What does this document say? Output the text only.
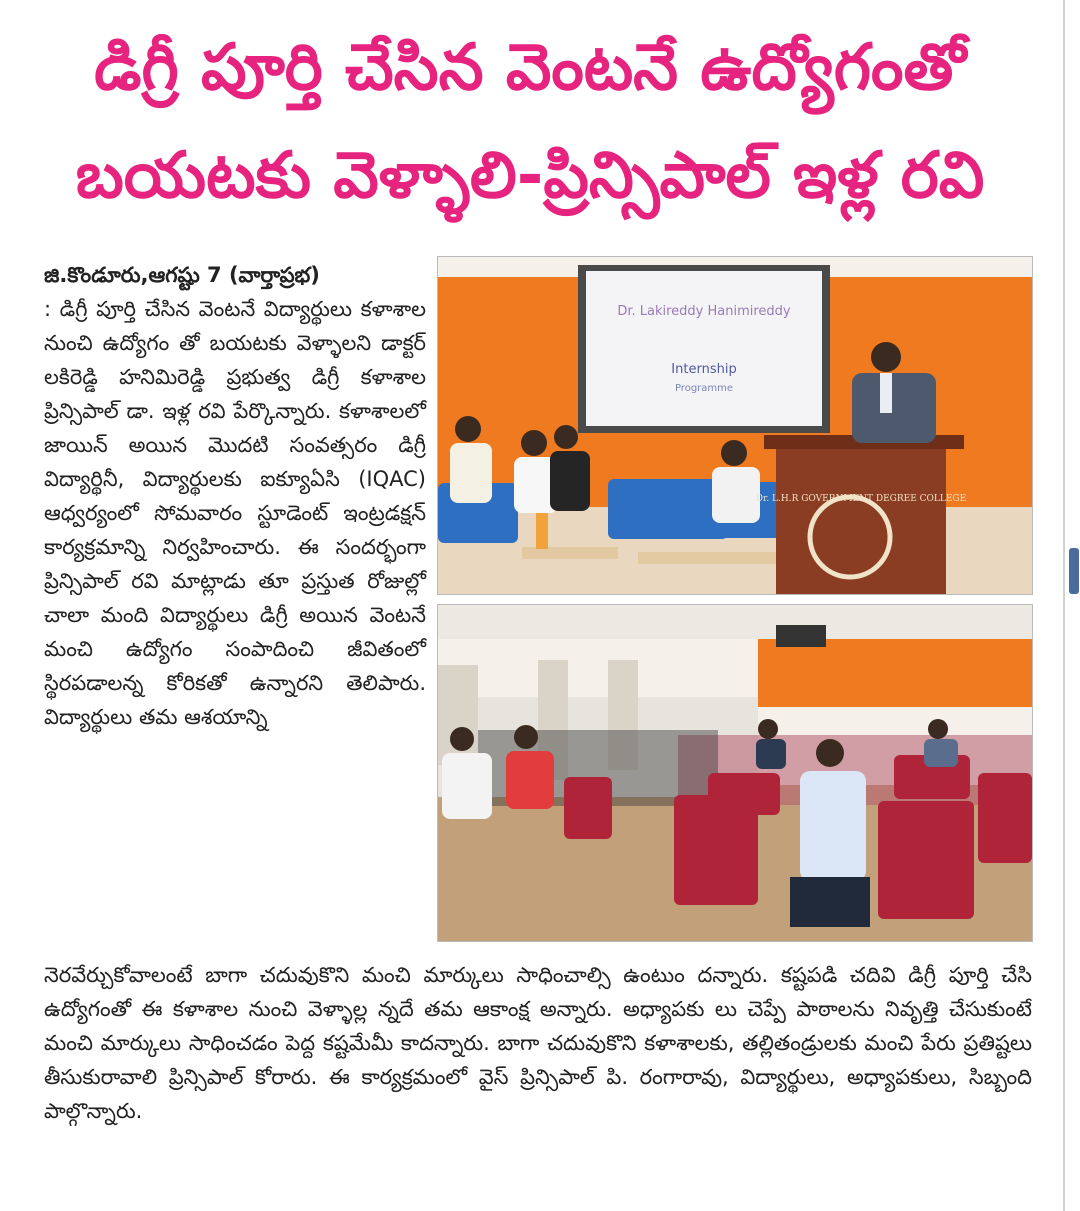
డిగ్రీ పూర్తి చేసిన వెంటనే ఉద్యోగంతో
బయటకు వెళ్ళాలి-ప్రిన్సిపాల్ ఇళ్ల రవి

జి.కొండూరు,ఆగష్టు 7 (వార్తాప్రభ)
: డిగ్రీ పూర్తి చేసిన వెంటనే విద్యార్థులు కళాశాల నుంచి ఉద్యోగం తో బయటకు వెళ్ళాలని డాక్టర్ లకిరెడ్డి హనిమిరెడ్డి ప్రభుత్వ డిగ్రీ కళాశాల ప్రిన్సిపాల్ డా. ఇళ్ల రవి పేర్కొన్నారు. కళాశాలలో జాయిన్ అయిన మొదటి సంవత్సరం డిగ్రీ విద్యార్థినీ, విద్యార్థులకు ఐక్యూఏసి (IQAC) ఆధ్వర్యంలో సోమవారం స్టూడెంట్ ఇంట్రడక్షన్ కార్యక్రమాన్ని నిర్వహించారు. ఈ సందర్భంగా ప్రిన్సిపాల్ రవి మాట్లాడు తూ ప్రస్తుత రోజుల్లో చాలా మంది విద్యార్థులు డిగ్రీ అయిన వెంటనే మంచి ఉద్యోగం సంపాదించి జీవితంలో స్థిరపడాలన్న కోరికతో ఉన్నారని తెలిపారు. విద్యార్థులు తమ ఆశయాన్ని

Dr. Lakireddy Hanimireddy
Internship
Programme
Dr. L.H.R GOVERNMENT DEGREE COLLEGE

నెరవేర్చుకోవాలంటే బాగా చదువుకొని మంచి మార్కులు సాధించాల్సి ఉంటుం దన్నారు. కష్టపడి చదివి డిగ్రీ పూర్తి చేసి ఉద్యోగంతో ఈ కళాశాల నుంచి వెళ్ళాల్ల న్నదే తమ ఆకాంక్ష అన్నారు. అధ్యాపకు లు చెప్పే పాఠాలను నివృత్తి చేసుకుంటే మంచి మార్కులు సాధించడం పెద్ద కష్టమేమీ కాదన్నారు. బాగా చదువుకొని కళాశాలకు, తల్లితండ్రులకు మంచి పేరు ప్రతిష్టలు తీసుకురావాలి ప్రిన్సిపాల్ కోరారు. ఈ కార్యక్రమంలో వైస్ ప్రిన్సిపాల్ పి. రంగారావు, విద్యార్థులు, అధ్యాపకులు, సిబ్బంది పాల్గొన్నారు.
